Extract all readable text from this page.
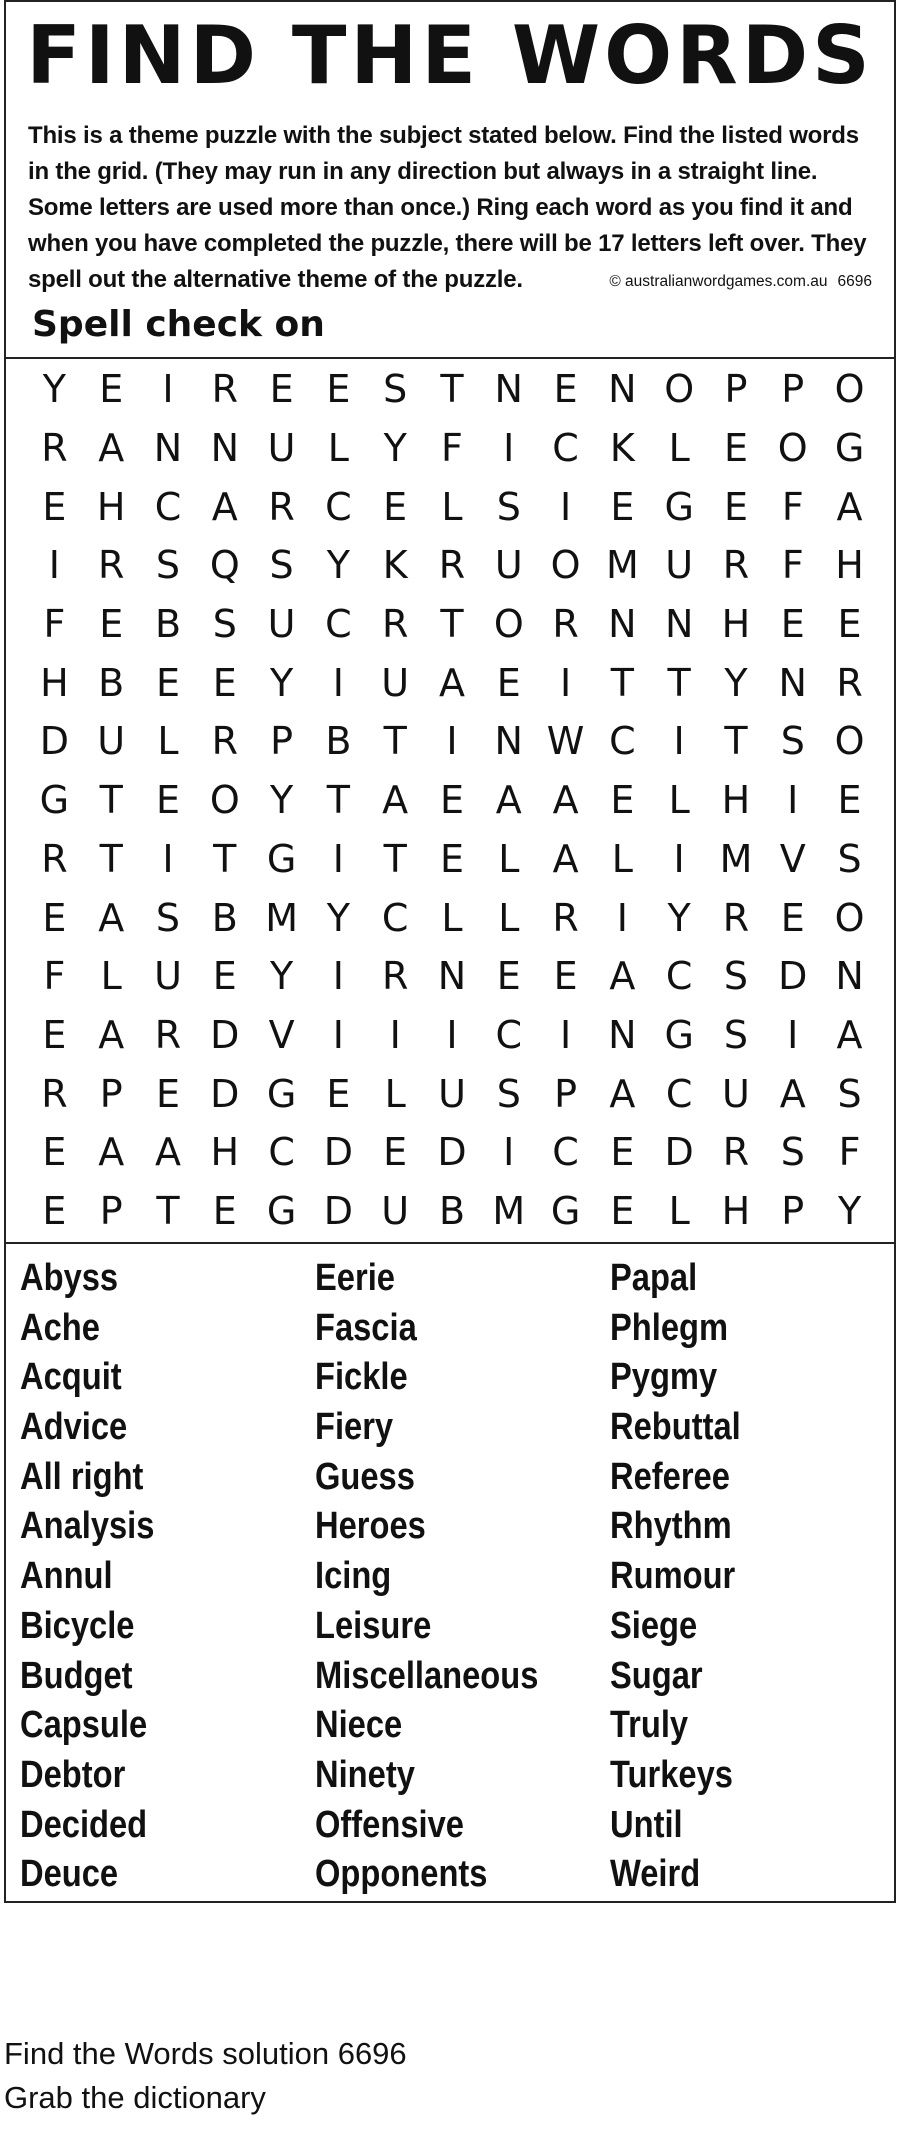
FIND THE WORDS
This is a theme puzzle with the subject stated below. Find the listed words in the grid. (They may run in any direction but always in a straight line. Some letters are used more than once.) Ring each word as you find it and when you have completed the puzzle, there will be 17 letters left over. They spell out the alternative theme of the puzzle.	© australianwordgames.com.au 6696
Spell check on
Y E	I R E E S T N E N O P P O
R A N N U L Y F	I C K L E O G
E H C A R C E L S	I	E G E F A
I R S Q S Y K R U O M U R F H
F E B S U C R T O R N N H E E
H B E E Y	I U A E	I	T T Y N R
D U L R P B T	I N W C I	T S O
G T E O Y T A E A A E L H I	E
R T	I	T G I	T E L A L	I M V S
E A S B M Y C L L R I	Y R E O
F L U E Y	I R N E E A C S D N
E A R D V	I	I	I C I N G S	I	A
R P E D G E L U S P A C U A S
E A A H C D E D I C E D R S F
E P T E G D U B M G E L H P Y
Abyss
Ache
Acquit
Advice
All right
Analysis
Annul
Bicycle
Budget
Capsule
Debtor
Decided
Deuce
Eerie
Fascia
Fickle
Fiery
Guess
Heroes
Icing
Leisure
Miscellaneous
Niece
Ninety
Offensive
Opponents
Papal
Phlegm
Pygmy
Rebuttal
Referee
Rhythm
Rumour
Siege
Sugar
Truly
Turkeys
Until
Weird
Find the Words solution 6696
Grab the dictionary
